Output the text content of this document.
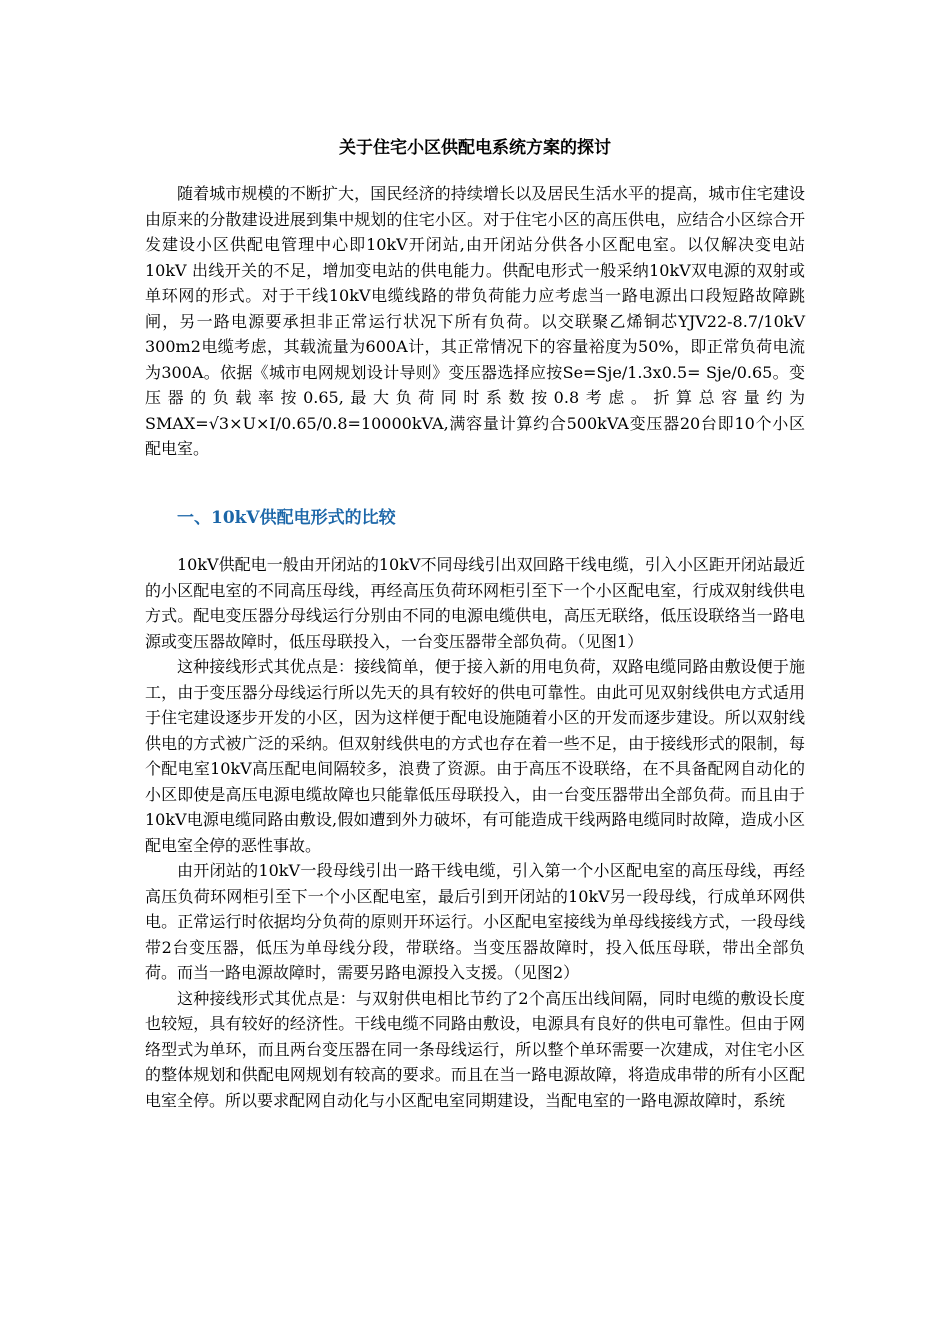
关于住宅小区供配电系统方案的探讨

随着城市规模的不断扩大，国民经济的持续增长以及居民生活水平的提高，城市住宅建设由原来的分散建设进展到集中规划的住宅小区。对于住宅小区的高压供电，应结合小区综合开发建设小区供配电管理中心即10kV开闭站,由开闭站分供各小区配电室。以仅解决变电站10kV 出线开关的不足，增加变电站的供电能力。供配电形式一般采纳10kV双电源的双射或单环网的形式。对于干线10kV电缆线路的带负荷能力应考虑当一路电源出口段短路故障跳闸，另一路电源要承担非正常运行状况下所有负荷。以交联聚乙烯铜芯YJV22-8.7/10kV 300m2电缆考虑，其载流量为600A计，其正常情况下的容量裕度为50%，即正常负荷电流为300A。依据《城市电网规划设计导则》变压器选择应按Se=Sje/1.3x0.5= Sje/0.65。变压器的负载率按0.65,最大负荷同时系数按0.8考虑。折算总容量约为SMAX=√3×U×I/0.65/0.8=10000kVA,满容量计算约合500kVA变压器20台即10个小区配电室。

一、10kV供配电形式的比较

10kV供配电一般由开闭站的10kV不同母线引出双回路干线电缆，引入小区距开闭站最近的小区配电室的不同高压母线，再经高压负荷环网柜引至下一个小区配电室，行成双射线供电方式。配电变压器分母线运行分别由不同的电源电缆供电，高压无联络，低压设联络当一路电源或变压器故障时，低压母联投入，一台变压器带全部负荷。（见图1）

这种接线形式其优点是：接线简单，便于接入新的用电负荷，双路电缆同路由敷设便于施工，由于变压器分母线运行所以先天的具有较好的供电可靠性。由此可见双射线供电方式适用于住宅建设逐步开发的小区，因为这样便于配电设施随着小区的开发而逐步建设。所以双射线供电的方式被广泛的采纳。但双射线供电的方式也存在着一些不足，由于接线形式的限制，每个配电室10kV高压配电间隔较多，浪费了资源。由于高压不设联络，在不具备配网自动化的小区即使是高压电源电缆故障也只能靠低压母联投入，由一台变压器带出全部负荷。而且由于10kV电源电缆同路由敷设,假如遭到外力破坏，有可能造成干线两路电缆同时故障，造成小区配电室全停的恶性事故。

由开闭站的10kV一段母线引出一路干线电缆，引入第一个小区配电室的高压母线，再经高压负荷环网柜引至下一个小区配电室，最后引到开闭站的10kV另一段母线，行成单环网供电。正常运行时依据均分负荷的原则开环运行。小区配电室接线为单母线接线方式，一段母线带2台变压器，低压为单母线分段，带联络。当变压器故障时，投入低压母联，带出全部负荷。而当一路电源故障时，需要另路电源投入支援。（见图2）

这种接线形式其优点是：与双射供电相比节约了2个高压出线间隔，同时电缆的敷设长度也较短，具有较好的经济性。干线电缆不同路由敷设，电源具有良好的供电可靠性。但由于网络型式为单环，而且两台变压器在同一条母线运行，所以整个单环需要一次建成，对住宅小区的整体规划和供配电网规划有较高的要求。而且在当一路电源故障，将造成串带的所有小区配电室全停。所以要求配网自动化与小区配电室同期建设，当配电室的一路电源故障时，系统
